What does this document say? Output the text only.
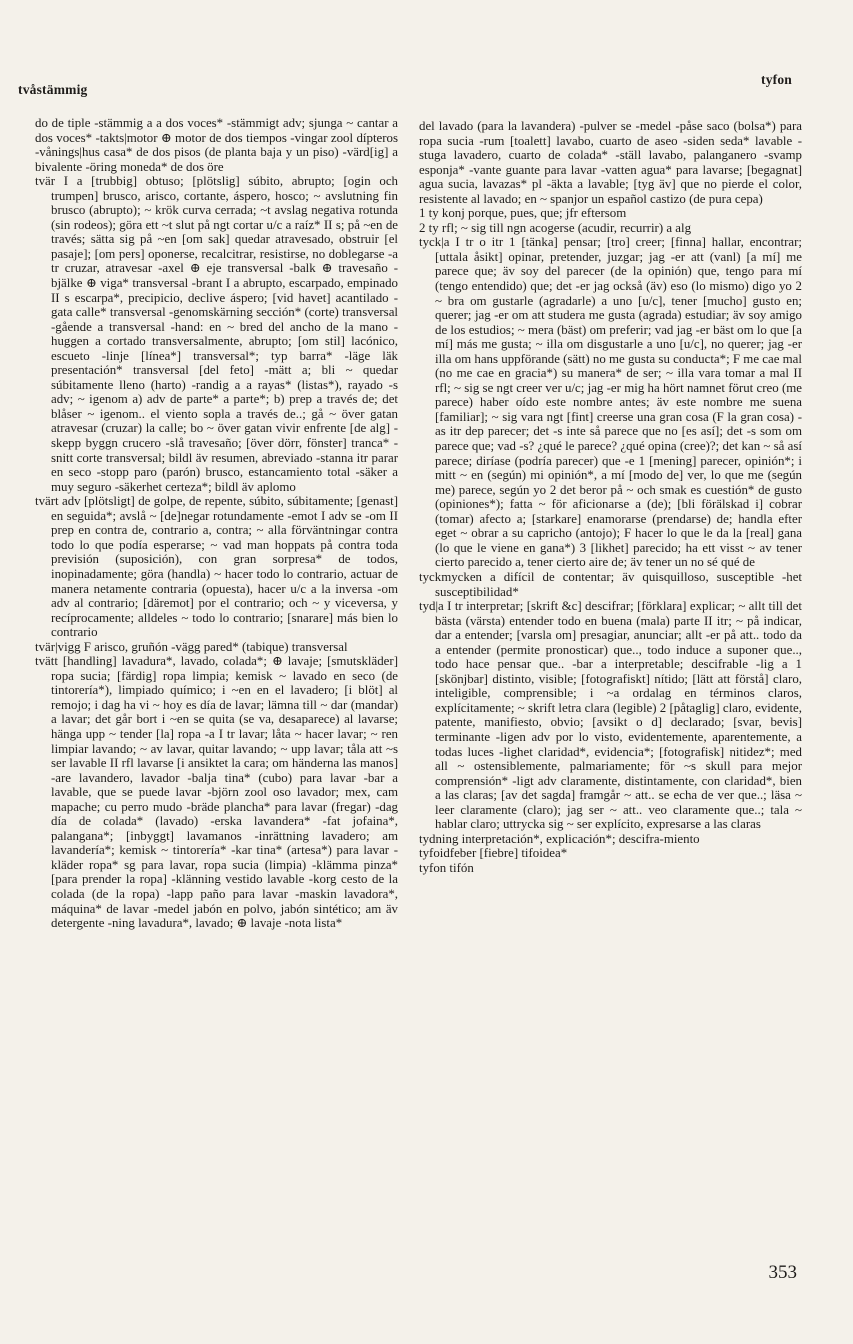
tvåstämmig
tyfon

do de tiple -stämmig a a dos voces* -stämmigt adv; sjunga ~ cantar a dos voces* -takts|motor ⊕ motor de dos tiempos -vingar zool dípteros -vånings|hus casa* de dos pisos (de planta baja y un piso) -värd[ig] a bivalente -öring moneda* de dos öre

tvär I a [trubbig] obtuso; [plötslig] súbito, abrupto; [ogin och trumpen] brusco, arisco, cortante, áspero, hosco; ~ avslutning fin brusco (abrupto); ~ krök curva cerrada; ~t avslag negativa rotunda (sin rodeos); göra ett ~t slut på ngt cortar u/c a raíz* II s; på ~en de través; sätta sig på ~en [om sak] quedar atravesado, obstruir [el pasaje]; [om pers] oponerse, recalcitrar, resistirse, no doblegarse -a tr cruzar, atravesar -axel ⊕ eje transversal -balk ⊕ travesaño -bjälke ⊕ viga* transversal -brant I a abrupto, escarpado, empinado II s escarpa*, precipicio, declive áspero; [vid havet] acantilado -gata calle* transversal -genomskärning sección* (corte) transversal -gående a transversal -hand: en ~ bred del ancho de la mano -huggen a cortado transversalmente, abrupto; [om stil] lacónico, escueto -linje [línea*] transversal*; typ barra* -läge läk presentación* transversal [del feto] -mätt a; bli ~ quedar súbitamente lleno (harto) -randig a a rayas* (listas*), rayado -s adv; ~ igenom a) adv de parte* a parte*; b) prep a través de; det blåser ~ igenom.. el viento sopla a través de..; gå ~ över gatan atravesar (cruzar) la calle; bo ~ över gatan vivir enfrente [de alg] -skepp byggn crucero -slå travesaño; [över dörr, fönster] tranca* -snitt corte transversal; bildl äv resumen, abreviado -stanna itr parar en seco -stopp paro (parón) brusco, estancamiento total -säker a muy seguro -säkerhet certeza*; bildl äv aplomo

tvärt adv [plötsligt] de golpe, de repente, súbito, súbitamente; [genast] en seguida*; avslå ~ [de]negar rotundamente -emot I adv se -om II prep en contra de, contrario a, contra; ~ alla förväntningar contra todo lo que podía esperarse; ~ vad man hoppats på contra toda previsión (suposición), con gran sorpresa* de todos, inopinadamente; göra (handla) ~ hacer todo lo contrario, actuar de manera netamente contraria (opuesta), hacer u/c a la inversa -om adv al contrario; [däremot] por el contrario; och ~ y viceversa, y recíprocamente; alldeles ~ todo lo contrario; [snarare] más bien lo contrario

tvär|vigg F arisco, gruñón -vägg pared* (tabique) transversal

tvätt [handling] lavadura*, lavado, colada*; ⊕ lavaje; [smutskläder] ropa sucia; [färdig] ropa limpia; kemisk ~ lavado en seco (de tintorería*), limpiado químico; i ~en en el lavadero; [i blöt] al remojo; i dag ha vi ~ hoy es día de lavar; lämna till ~ dar (mandar) a lavar; det går bort i ~en se quita (se va, desaparece) al lavarse; hänga upp ~ tender [la] ropa -a I tr lavar; låta ~ hacer lavar; ~ ren limpiar lavando; ~ av lavar, quitar lavando; ~ upp lavar; tåla att ~s ser lavable II rfl lavarse [i ansiktet la cara; om händerna las manos] -are lavandero, lavador -balja tina* (cubo) para lavar -bar a lavable, que se puede lavar -björn zool oso lavador; mex, cam mapache; cu perro mudo -bräde plancha* para lavar (fregar) -dag día de colada* (lavado) -erska lavandera* -fat jofaina*, palangana*; [inbyggt] lavamanos -inrättning lavadero; am lavandería*; kemisk ~ tintorería* -kar tina* (artesa*) para lavar -kläder ropa* sg para lavar, ropa sucia (limpia) -klämma pinza* [para prender la ropa] -klänning vestido lavable -korg cesto de la colada (de la ropa) -lapp paño para lavar -maskin lavadora*, máquina* de lavar -medel jabón en polvo, jabón sintético; am äv detergente -ning lavadura*, lavado; ⊕ lavaje -nota lista*

del lavado (para la lavandera) -pulver se -medel -påse saco (bolsa*) para ropa sucia -rum [toalett] lavabo, cuarto de aseo -siden seda* lavable -stuga lavadero, cuarto de colada* -ställ lavabo, palanganero -svamp esponja* -vante guante para lavar -vatten agua* para lavarse; [begagnat] agua sucia, lavazas* pl -äkta a lavable; [tyg äv] que no pierde el color, resistente al lavado; en ~ spanjor un español castizo (de pura cepa)

1 ty konj porque, pues, que; jfr eftersom

2 ty rfl; ~ sig till ngn acogerse (acudir, recurrir) a alg

tyck|a I tr o itr 1 [tänka] pensar; [tro] creer; [finna] hallar, encontrar; [uttala åsikt] opinar, pretender, juzgar; jag -er att (vanl) [a mí] me parece que; äv soy del parecer (de la opinión) que, tengo para mí (tengo entendido) que; det -er jag också (äv) eso (lo mismo) digo yo 2 ~ bra om gustarle (agradarle) a uno [u/c], tener [mucho] gusto en; querer; jag -er om att studera me gusta (agrada) estudiar; äv soy amigo de los estudios; ~ mera (bäst) om preferir; vad jag -er bäst om lo que [a mí] más me gusta; ~ illa om disgustarle a uno [u/c], no querer; jag -er illa om hans uppförande (sätt) no me gusta su conducta*; F me cae mal (no me cae en gracia*) su manera* de ser; ~ illa vara tomar a mal II rfl; ~ sig se ngt creer ver u/c; jag -er mig ha hört namnet förut creo (me parece) haber oído este nombre antes; äv este nombre me suena [familiar]; ~ sig vara ngt [fint] creerse una gran cosa (F la gran cosa) -as itr dep parecer; det -s inte så parece que no [es así]; det -s som om parece que; vad -s? ¿qué le parece? ¿qué opina (cree)?; det kan ~ så así parece; diríase (podría parecer) que -e 1 [mening] parecer, opinión*; i mitt ~ en (según) mi opinión*, a mí [modo de] ver, lo que me (según me) parece, según yo 2 det beror på ~ och smak es cuestión* de gusto (opiniones*); fatta ~ för aficionarse a (de); [bli förälskad i] cobrar (tomar) afecto a; [starkare] enamorarse (prendarse) de; handla efter eget ~ obrar a su capricho (antojo); F hacer lo que le da la [real] gana (lo que le viene en gana*) 3 [likhet] parecido; ha ett visst ~ av tener cierto parecido a, tener cierto aire de; äv tener un no sé qué de

tyckmycken a difícil de contentar; äv quisquilloso, susceptible -het susceptibilidad*

tyd|a I tr interpretar; [skrift &c] descifrar; [förklara] explicar; ~ allt till det bästa (värsta) entender todo en buena (mala) parte II itr; ~ på indicar, dar a entender; [varsla om] presagiar, anunciar; allt -er på att.. todo da a entender (permite pronosticar) que.., todo induce a suponer que.., todo hace pensar que.. -bar a interpretable; descifrable -lig a 1 [skönjbar] distinto, visible; [fotografiskt] nítido; [lätt att förstå] claro, inteligible, comprensible; i ~a ordalag en términos claros, explícitamente; ~ skrift letra clara (legible) 2 [påtaglig] claro, evidente, patente, manifiesto, obvio; [avsikt o d] declarado; [svar, bevis] terminante -ligen adv por lo visto, evidentemente, aparentemente, a todas luces -lighet claridad*, evidencia*; [fotografisk] nitidez*; med all ~ ostensiblemente, palmariamente; för ~s skull para mejor comprensión* -ligt adv claramente, distintamente, con claridad*, bien a las claras; [av det sagda] framgår ~ att.. se echa de ver que..; läsa ~ leer claramente (claro); jag ser ~ att.. veo claramente que..; tala ~ hablar claro; uttrycka sig ~ ser explícito, expresarse a las claras

tydning interpretación*, explicación*; descifra-miento

tyfoidfeber [fiebre] tifoidea*

tyfon tifón

353
